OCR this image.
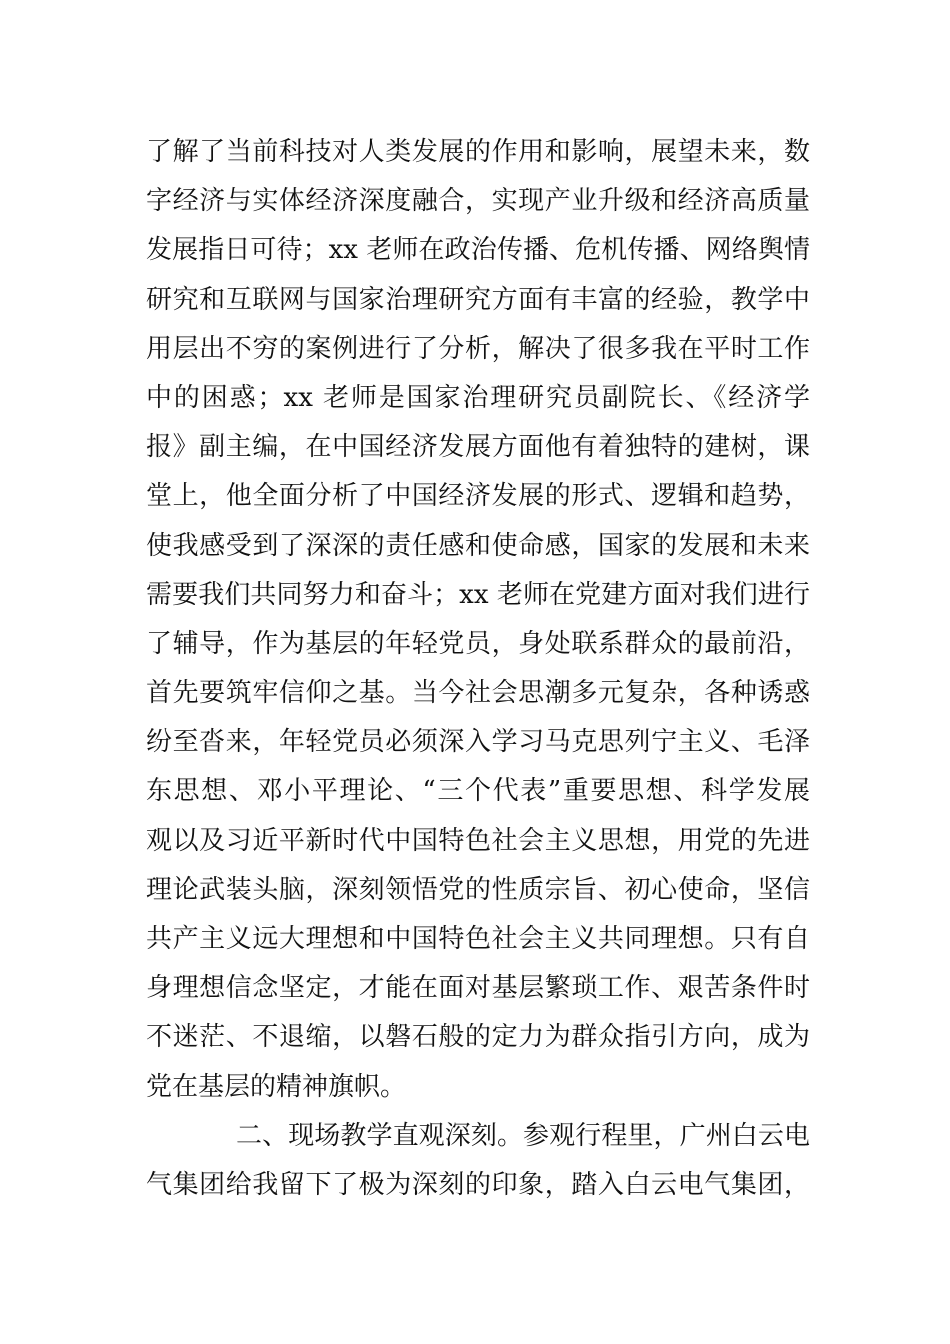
了解了当前科技对人类发展的作用和影响，展望未来，数
字经济与实体经济深度融合，实现产业升级和经济高质量
发展指日可待；xx 老师在政治传播、危机传播、网络舆情
研究和互联网与国家治理研究方面有丰富的经验，教学中
用层出不穷的案例进行了分析，解决了很多我在平时工作
中的困惑；xx 老师是国家治理研究员副院长、《经济学
报》副主编，在中国经济发展方面他有着独特的建树，课
堂上，他全面分析了中国经济发展的形式、逻辑和趋势，
使我感受到了深深的责任感和使命感，国家的发展和未来
需要我们共同努力和奋斗；xx 老师在党建方面对我们进行
了辅导，作为基层的年轻党员，身处联系群众的最前沿，
首先要筑牢信仰之基。当今社会思潮多元复杂，各种诱惑
纷至沓来，年轻党员必须深入学习马克思列宁主义、毛泽
东思想、邓小平理论、“三个代表”重要思想、科学发展
观以及习近平新时代中国特色社会主义思想，用党的先进
理论武装头脑，深刻领悟党的性质宗旨、初心使命，坚信
共产主义远大理想和中国特色社会主义共同理想。只有自
身理想信念坚定，才能在面对基层繁琐工作、艰苦条件时
不迷茫、不退缩，以磐石般的定力为群众指引方向，成为
党在基层的精神旗帜。
二、现场教学直观深刻。参观行程里，广州白云电
气集团给我留下了极为深刻的印象，踏入白云电气集团，
